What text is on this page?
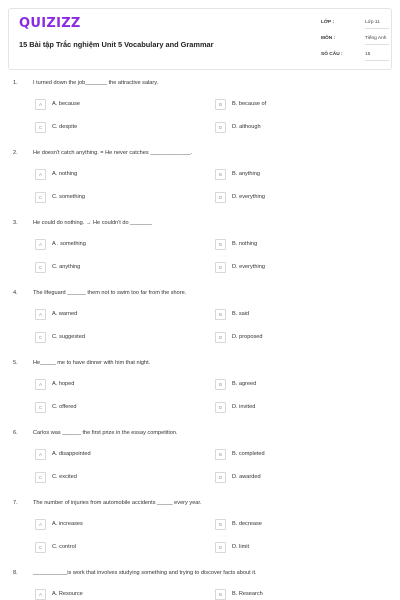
QUIZIZZ
15 Bài tập Trắc nghiệm Unit 5 Vocabulary and Grammar
LỚP :	Lớp 11
MÔN :	Tiếng Anh
SỐ CÂU :	15
1.	I turned down the job_______ the attractive salary.
A	A. because	B	B. because of
C	C. despite	D	D. although
2.	He doesn't catch anything. = He never catches _____________.
A	A. nothing	B	B. anything
C	C. something	D	D. everything
3.	He could do nothing. → He couldn't do _______
A	A . something	B	B. nothing
C	C. anything	D	D. everything
4.	The lifeguard ______ them not to swim too far from the shore.
A	A. warned	B	B. said
C	C. suggested	D	D. proposed
5.	He_____ me to have dinner with him that night.
A	A. hoped	B	B. agreed
C	C. offered	D	D. invited
6.	Carlos was ______ the first prize in the essay competition.
A	A. disappointed	B	B. completed
C	C. excited	D	D. awarded
7.	The number of injuries from automobile accidents _____ every year.
A	A. increases	B	B. decrease
C	C. control	D	D. limit
8.	___________is work that involves studying something and trying to discover facts about it.
A	A. Resource	B	B. Research
